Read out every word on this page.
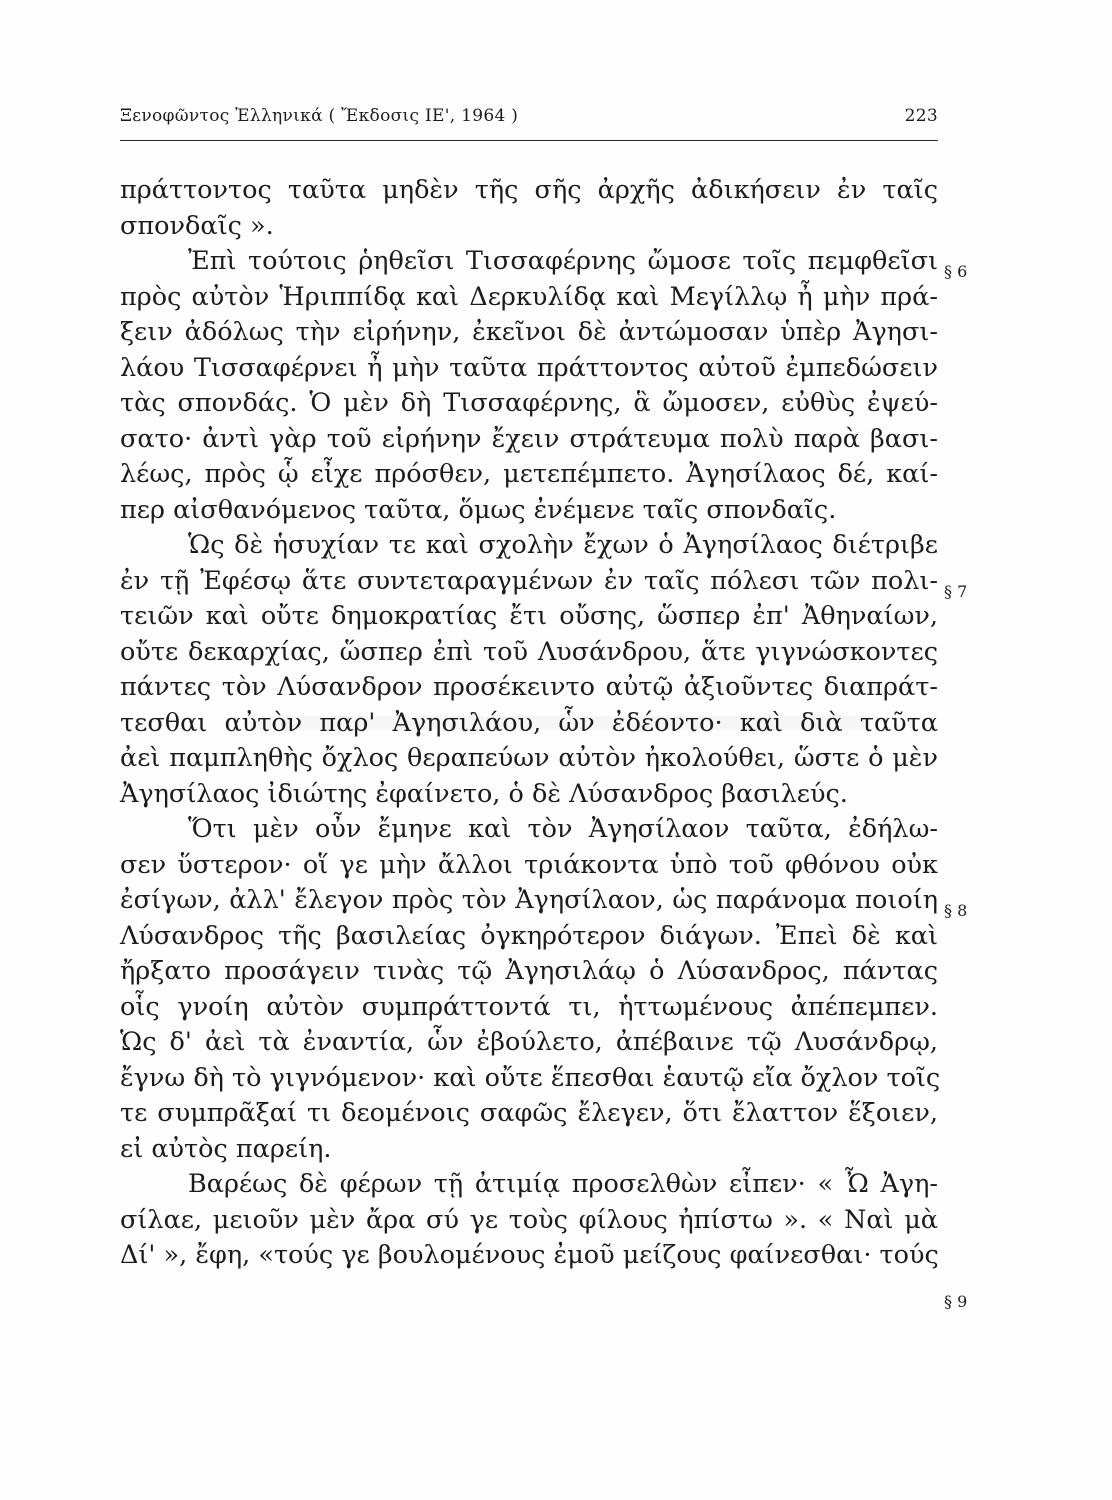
Ξενοφῶντος Ἑλληνικά ( Ἔκδοσις ΙΕ', 1964 )	223
πράττοντος ταῦτα μηδὲν τῆς σῆς ἀρχῆς ἀδικήσειν ἐν ταῖς
σπονδαῖς ».
Ἐπὶ τούτοις ῥηθεῖσι Τισσαφέρνης ὤμοσε τοῖς πεμφθεῖσι
πρὸς αὐτὸν Ἡριππίδᾳ καὶ Δερκυλίδᾳ καὶ Μεγίλλῳ ἦ μὴν πρά-
ξειν ἀδόλως τὴν εἰρήνην, ἐκεῖνοι δὲ ἀντώμοσαν ὑπὲρ Ἀγησι-
λάου Τισσαφέρνει ἦ μὴν ταῦτα πράττοντος αὐτοῦ ἐμπεδώσειν
τὰς σπονδάς. Ὁ μὲν δὴ Τισσαφέρνης, ἃ ὤμοσεν, εὐθὺς ἐψεύ-
σατο· ἀντὶ γὰρ τοῦ εἰρήνην ἔχειν στράτευμα πολὺ παρὰ βασι-
λέως, πρὸς ᾧ εἶχε πρόσθεν, μετεπέμπετο. Ἀγησίλαος δέ, καί-
περ αἰσθανόμενος ταῦτα, ὅμως ἐνέμενε ταῖς σπονδαῖς.
Ὡς δὲ ἡσυχίαν τε καὶ σχολὴν ἔχων ὁ Ἀγησίλαος διέτριβε
ἐν τῇ Ἐφέσῳ ἅτε συντεταραγμένων ἐν ταῖς πόλεσι τῶν πολι-
τειῶν καὶ οὔτε δημοκρατίας ἔτι οὔσης, ὥσπερ ἐπ' Ἀθηναίων,
οὔτε δεκαρχίας, ὥσπερ ἐπὶ τοῦ Λυσάνδρου, ἅτε γιγνώσκοντες
πάντες τὸν Λύσανδρον προσέκειντο αὐτῷ ἀξιοῦντες διαπράτ-
τεσθαι αὐτὸν παρ' Ἀγησιλάου, ὧν ἐδέοντο· καὶ διὰ ταῦτα
ἀεὶ παμπληθὴς ὄχλος θεραπεύων αὐτὸν ἠκολούθει, ὥστε ὁ μὲν
Ἀγησίλαος ἰδιώτης ἐφαίνετο, ὁ δὲ Λύσανδρος βασιλεύς.
Ὅτι μὲν οὖν ἔμηνε καὶ τὸν Ἀγησίλαον ταῦτα, ἐδήλω-
σεν ὕστερον· οἵ γε μὴν ἄλλοι τριάκοντα ὑπὸ τοῦ φθόνου οὐκ
ἐσίγων, ἀλλ' ἔλεγον πρὸς τὸν Ἀγησίλαον, ὡς παράνομα ποιοίη
Λύσανδρος τῆς βασιλείας ὀγκηρότερον διάγων. Ἐπεὶ δὲ καὶ
ἤρξατο προσάγειν τινὰς τῷ Ἀγησιλάῳ ὁ Λύσανδρος, πάντας
οἷς γνοίη αὐτὸν συμπράττοντά τι, ἡττωμένους ἀπέπεμπεν.
Ὡς δ' ἀεὶ τὰ ἐναντία, ὧν ἐβούλετο, ἀπέβαινε τῷ Λυσάνδρῳ,
ἔγνω δὴ τὸ γιγνόμενον· καὶ οὔτε ἕπεσθαι ἑαυτῷ εἴα ὄχλον τοῖς
τε συμπρᾶξαί τι δεομένοις σαφῶς ἔλεγεν, ὅτι ἔλαττον ἕξοιεν,
εἰ αὐτὸς παρείη.
Βαρέως δὲ φέρων τῇ ἀτιμίᾳ προσελθὼν εἶπεν· « Ὦ Ἀγη-
σίλαε, μειοῦν μὲν ἄρα σύ γε τοὺς φίλους ἠπίστω ». « Ναὶ μὰ
Δί' », ἔφη, «τούς γε βουλομένους ἐμοῦ μείζους φαίνεσθαι· τούς
§ 6
§ 7
§ 8
§ 9
